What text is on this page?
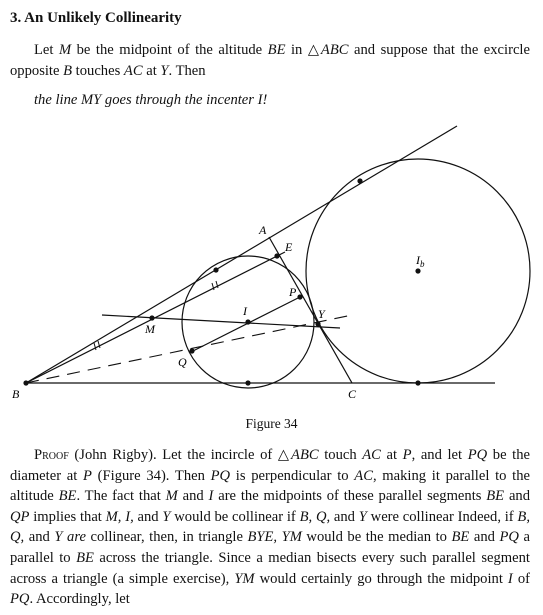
3. An Unlikely Collinearity
Let M be the midpoint of the altitude BE in △ABC and suppose that the excircle opposite B touches AC at Y. Then
the line MY goes through the incenter I!
A
B	C
E
M
I
P
Q
Y
$I_b$
Figure 34
Proof (John Rigby). Let the incircle of △ABC touch AC at P, and let PQ be the diameter at P (Figure 34). Then PQ is perpendicular to AC, making it parallel to the altitude BE. The fact that M and I are the midpoints of these parallel segments BE and QP implies that M, I, and Y would be collinear if B, Q, and Y were collinear Indeed, if B, Q, and Y are collinear, then, in triangle BYE, YM would be the median to BE and PQ a parallel to BE across the triangle. Since a median bisects every such parallel segment across a triangle (a simple exercise), YM would certainly go through the midpoint I of PQ. Accordingly, let
